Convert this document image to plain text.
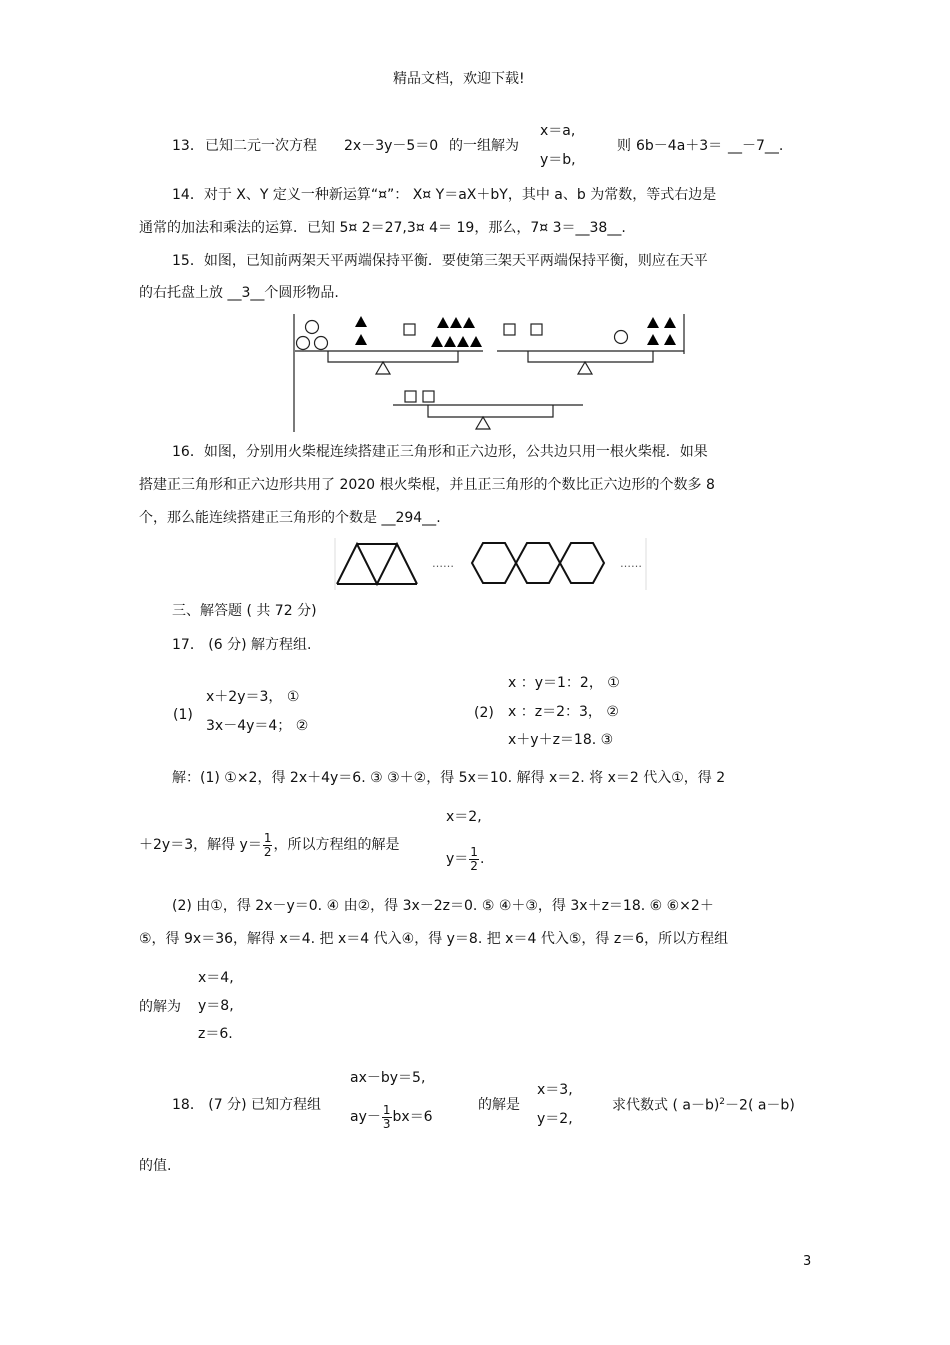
精品文档，欢迎下载!
13． 已知二元一次方程 2x－3y－5＝0 的一组解为
x＝a,
y＝b,
则 6b－4a＋3＝ __－7__.
14．对于 X、Y 定义一种新运算“¤”： X¤ Y＝aX＋bY，其中 a、b 为常数，等式右边是
通常的加法和乘法的运算．已知 5¤ 2＝27,3¤ 4＝ 19，那么，7¤ 3＝__38__.
15．如图，已知前两架天平两端保持平衡．要使第三架天平两端保持平衡，则应在天平
的右托盘上放 __3__个圆形物品.
16．如图，分别用火柴棍连续搭建正三角形和正六边形，公共边只用一根火柴棍．如果
搭建正三角形和正六边形共用了 2020 根火柴棍，并且正三角形的个数比正六边形的个数多 8
个，那么能连续搭建正三角形的个数是 __294__.
……	……
三、解答题 ( 共 72 分)
17． (6 分) 解方程组.
(1)
x＋2y＝3， ①
3x－4y＝4； ②
(2)
x ：y＝1：2， ①
x ：z＝2：3， ②
x＋y＋z＝18. ③
解：(1) ①×2，得 2x＋4y＝6. ③ ③＋②，得 5x＝10. 解得 x＝2. 将 x＝2 代入①，得 2
＋2y＝3，解得 $y= \frac{1}{2}$ ，所以方程组的解是
x＝2,
$y= \frac{1}{2}$ .
(2) 由①，得 2x－y＝0. ④ 由②，得 3x－2z＝0. ⑤ ④＋③，得 3x＋z＝18. ⑥ ⑥×2＋
⑤，得 9x＝36，解得 x＝4. 把 x＝4 代入④，得 y＝8. 把 x＝4 代入⑤，得 z＝6，所以方程组
的解为
x＝4,
y＝8,
z＝6.
18． (7 分) 已知方程组
ax－by＝5,
$ay- \frac{1}{3} bx=6$
的解是
x＝3,
y＝2,
求代数式 ( a－b)$^2$－2( a－b)
的值.
3
